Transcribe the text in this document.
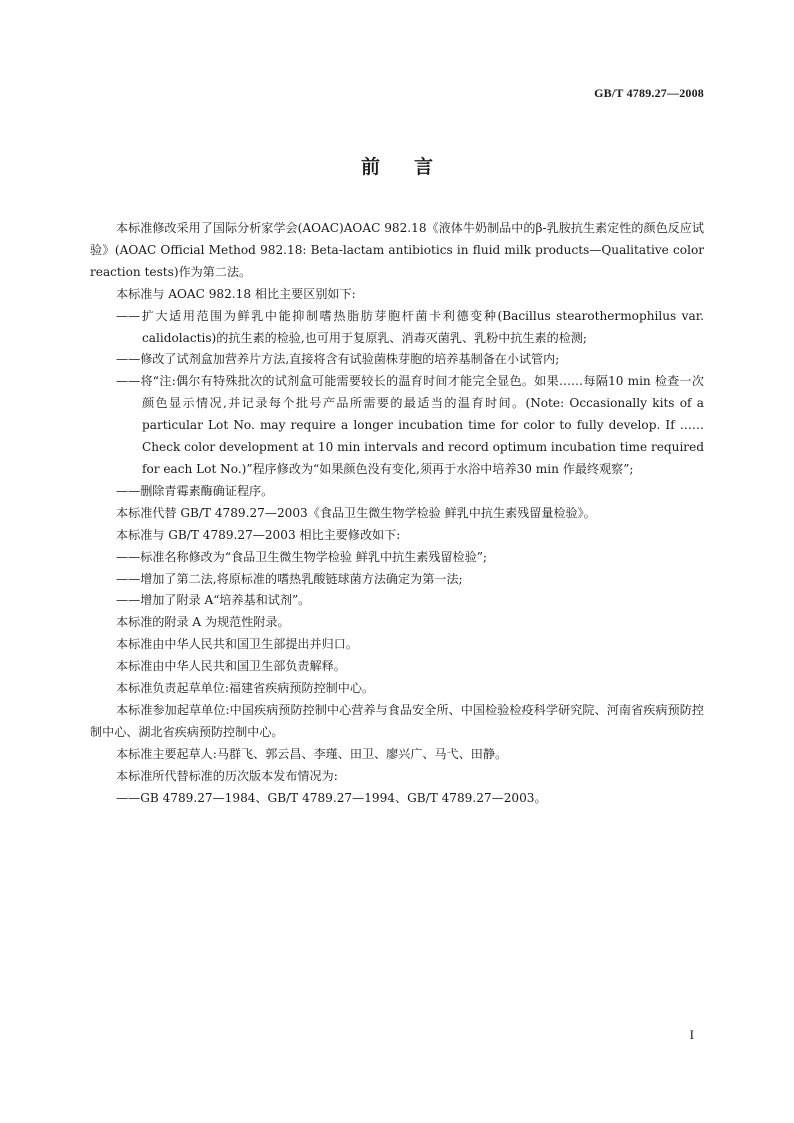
GB/T 4789.27—2008
前言

本标准修改采用了国际分析家学会(AOAC)AOAC 982.18《液体牛奶制品中的β-乳胺抗生素定性的颜色反应试验》(AOAC Official Method 982.18: Beta-lactam antibiotics in fluid milk products—Qualitative color reaction tests)作为第二法。

本标准与 AOAC 982.18 相比主要区别如下:

——扩大适用范围为鲜乳中能抑制嗜热脂肪芽胞杆菌卡利德变种(Bacillus stearothermophilus var. calidolactis)的抗生素的检验,也可用于复原乳、消毒灭菌乳、乳粉中抗生素的检测;

——修改了试剂盒加营养片方法,直接将含有试验菌株芽胞的培养基制备在小试管内;

——将“注:偶尔有特殊批次的试剂盒可能需要较长的温育时间才能完全显色。如果……每隔10 min 检查一次颜色显示情况,并记录每个批号产品所需要的最适当的温育时间。(Note: Occasionally kits of a particular Lot No. may require a longer incubation time for color to fully develop. If ……Check color development at 10 min intervals and record optimum incubation time required for each Lot No.)”程序修改为“如果颜色没有变化,须再于水浴中培养30 min 作最终观察”;

——删除青霉素酶确证程序。

本标准代替 GB/T 4789.27—2003《食品卫生微生物学检验 鲜乳中抗生素残留量检验》。

本标准与 GB/T 4789.27—2003 相比主要修改如下:

——标准名称修改为“食品卫生微生物学检验 鲜乳中抗生素残留检验”;

——增加了第二法,将原标准的嗜热乳酸链球菌方法确定为第一法;

——增加了附录 A“培养基和试剂”。

本标准的附录 A 为规范性附录。

本标准由中华人民共和国卫生部提出并归口。

本标准由中华人民共和国卫生部负责解释。

本标准负责起草单位:福建省疾病预防控制中心。

本标准参加起草单位:中国疾病预防控制中心营养与食品安全所、中国检验检疫科学研究院、河南省疾病预防控制中心、湖北省疾病预防控制中心。

本标准主要起草人:马群飞、郭云昌、李瑾、田卫、廖兴广、马弋、田静。

本标准所代替标准的历次版本发布情况为:

——GB 4789.27—1984、GB/T 4789.27—1994、GB/T 4789.27—2003。

I
